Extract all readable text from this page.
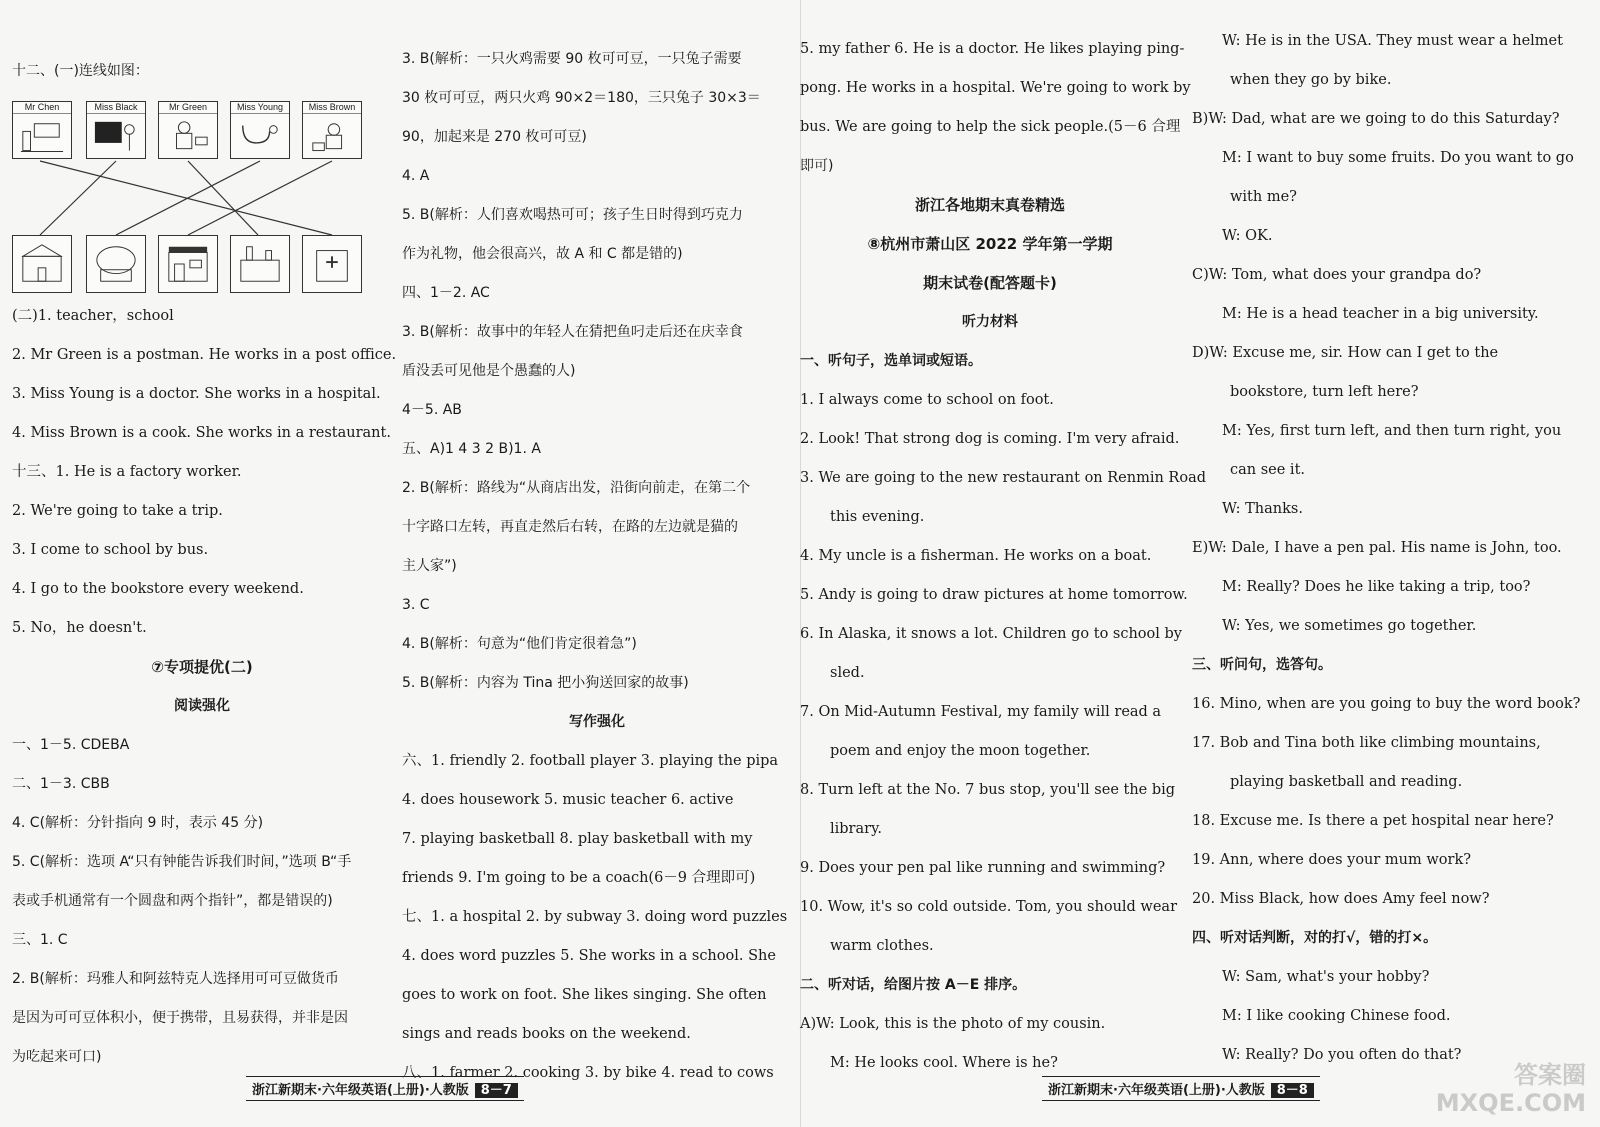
十二、(一)连线如图：
Mr Chen	Miss Black	Mr Green	Miss Young	Miss Brown
(二)1. teacher，school
2. Mr Green is a postman. He works in a post office.
3. Miss Young is a doctor. She works in a hospital.
4. Miss Brown is a cook. She works in a restaurant.
十三、1. He is a factory worker.
2. We're going to take a trip.
3. I come to school by bus.
4. I go to the bookstore every weekend.
5. No，he doesn't.
⑦专项提优(二)
阅读强化
一、1－5. CDEBA
二、1－3. CBB
4. C(解析：分针指向 9 时，表示 45 分)
5. C(解析：选项 A“只有钟能告诉我们时间，”选项 B“手
表或手机通常有一个圆盘和两个指针”，都是错误的)
三、1. C
2. B(解析：玛雅人和阿兹特克人选择用可可豆做货币
是因为可可豆体积小，便于携带，且易获得，并非是因
为吃起来可口)
3. B(解析：一只火鸡需要 90 枚可可豆，一只兔子需要
30 枚可可豆，两只火鸡 90×2＝180，三只兔子 30×3＝
90，加起来是 270 枚可可豆)
4. A
5. B(解析：人们喜欢喝热可可；孩子生日时得到巧克力
作为礼物，他会很高兴，故 A 和 C 都是错的)
四、1－2. AC
3. B(解析：故事中的年轻人在猜把鱼叼走后还在庆幸食
盾没丢可见他是个愚蠢的人)
4－5. AB
五、A)1 4 3 2 B)1. A
2. B(解析：路线为“从商店出发，沿街向前走，在第二个
十字路口左转，再直走然后右转，在路的左边就是猫的
主人家”)
3. C
4. B(解析：句意为“他们肯定很着急”)
5. B(解析：内容为 Tina 把小狗送回家的故事)
写作强化
六、1. friendly 2. football player 3. playing the pipa
4. does housework 5. music teacher 6. active
7. playing basketball 8. play basketball with my
friends 9. I'm going to be a coach(6－9 合理即可)
七、1. a hospital 2. by subway 3. doing word puzzles
4. does word puzzles 5. She works in a school. She
goes to work on foot. She likes singing. She often
sings and reads books on the weekend.
八、1. farmer 2. cooking 3. by bike 4. read to cows
浙江新期末·六年级英语(上册)·人教版 8－7
5. my father 6. He is a doctor. He likes playing ping-
pong. He works in a hospital. We're going to work by
bus. We are going to help the sick people.(5－6 合理
即可)
浙江各地期末真卷精选
⑧杭州市萧山区 2022 学年第一学期
期末试卷(配答题卡)
听力材料
一、听句子，选单词或短语。
1. I always come to school on foot.
2. Look! That strong dog is coming. I'm very afraid.
3. We are going to the new restaurant on Renmin Road
this evening.
4. My uncle is a fisherman. He works on a boat.
5. Andy is going to draw pictures at home tomorrow.
6. In Alaska, it snows a lot. Children go to school by
sled.
7. On Mid-Autumn Festival, my family will read a
poem and enjoy the moon together.
8. Turn left at the No. 7 bus stop, you'll see the big
library.
9. Does your pen pal like running and swimming?
10. Wow, it's so cold outside. Tom, you should wear
warm clothes.
二、听对话，给图片按 A－E 排序。
A)W: Look, this is the photo of my cousin.
M: He looks cool. Where is he?
W: He is in the USA. They must wear a helmet
when they go by bike.
B)W: Dad, what are we going to do this Saturday?
M: I want to buy some fruits. Do you want to go
with me?
W: OK.
C)W: Tom, what does your grandpa do?
M: He is a head teacher in a big university.
D)W: Excuse me, sir. How can I get to the
bookstore, turn left here?
M: Yes, first turn left, and then turn right, you
can see it.
W: Thanks.
E)W: Dale, I have a pen pal. His name is John, too.
M: Really? Does he like taking a trip, too?
W: Yes, we sometimes go together.
三、听问句，选答句。
16. Mino, when are you going to buy the word book?
17. Bob and Tina both like climbing mountains,
playing basketball and reading.
18. Excuse me. Is there a pet hospital near here?
19. Ann, where does your mum work?
20. Miss Black, how does Amy feel now?
四、听对话判断，对的打√，错的打×。
W: Sam, what's your hobby?
M: I like cooking Chinese food.
W: Really? Do you often do that?
浙江新期末·六年级英语(上册)·人教版 8－8
答案圈
MXQE.COM
